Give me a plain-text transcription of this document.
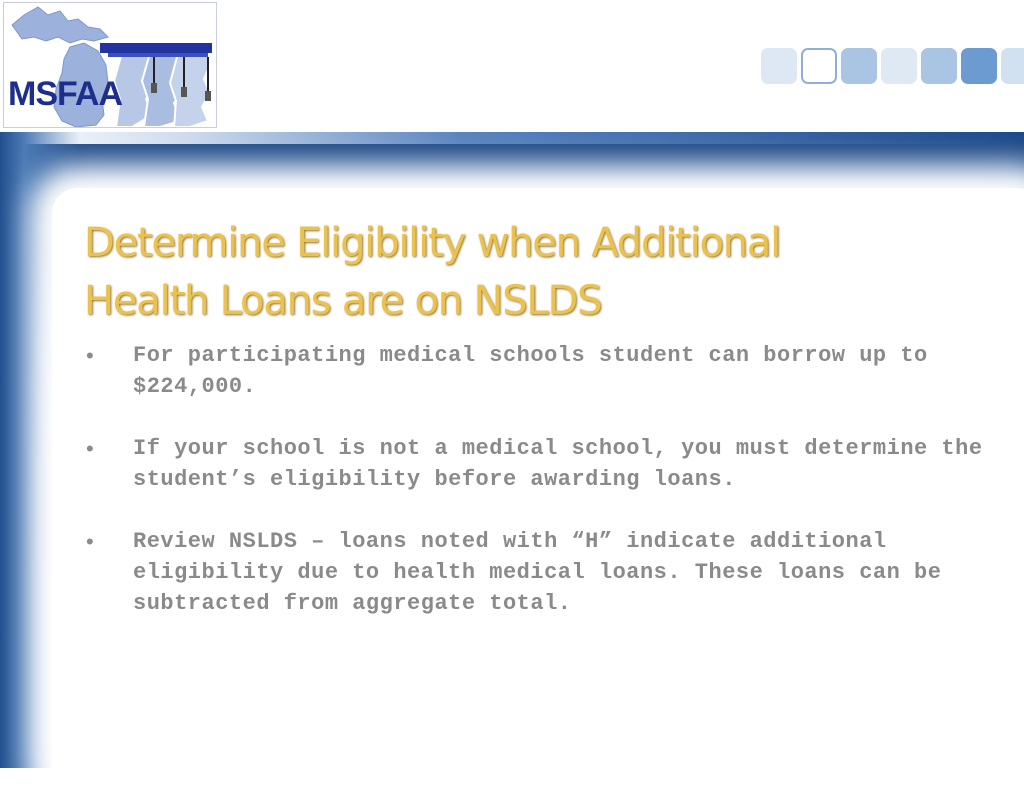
MSFAA
Determine Eligibility when Additional
Health Loans are on NSLDS
• For participating medical schools student can borrow up to $224,000.
• If your school is not a medical school, you must determine the student’s eligibility before awarding loans.
• Review NSLDS – loans noted with “H” indicate additional eligibility due to health medical loans. These loans can be subtracted from aggregate total.
